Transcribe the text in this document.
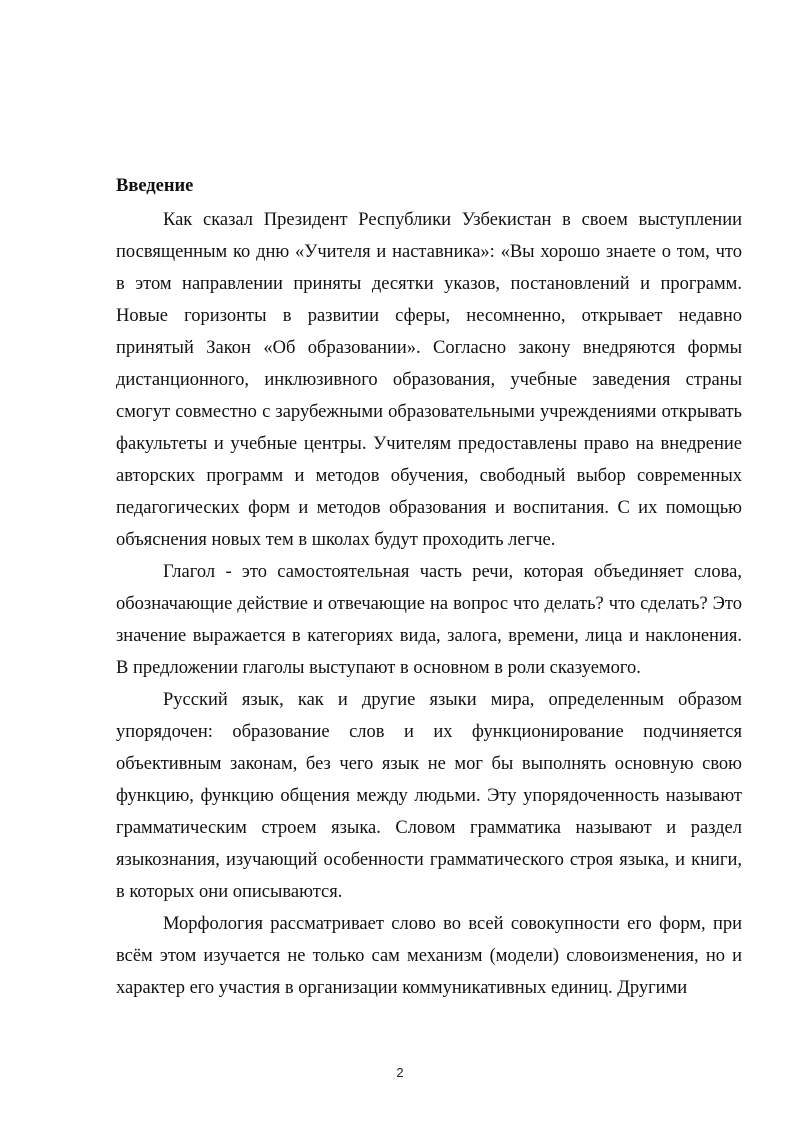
Введение

Как сказал Президент Республики Узбекистан в своем выступлении посвященным ко дню «Учителя и наставника»: «Вы хорошо знаете о том, что в этом направлении приняты десятки указов, постановлений и программ. Новые горизонты в развитии сферы, несомненно, открывает недавно принятый Закон «Об образовании». Согласно закону внедряются формы дистанционного, инклюзивного образования, учебные заведения страны смогут совместно с зарубежными образовательными учреждениями открывать факультеты и учебные центры. Учителям предоставлены право на внедрение авторских программ и методов обучения, свободный выбор современных педагогических форм и методов образования и воспитания. С их помощью объяснения новых тем в школах будут проходить легче.

Глагол - это самостоятельная часть речи, которая объединяет слова, обозначающие действие и отвечающие на вопрос что делать? что сделать? Это значение выражается в категориях вида, залога, времени, лица и наклонения. В предложении глаголы выступают в основном в роли сказуемого.

Русский язык, как и другие языки мира, определенным образом упорядочен: образование слов и их функционирование подчиняется объективным законам, без чего язык не мог бы выполнять основную свою функцию, функцию общения между людьми. Эту упорядоченность называют грамматическим строем языка. Словом грамматика называют и раздел языкознания, изучающий особенности грамматического строя языка, и книги, в которых они описываются.

Морфология рассматривает слово во всей совокупности его форм, при всём этом изучается не только сам механизм (модели) словоизменения, но и характер его участия в организации коммуникативных единиц. Другими

2
